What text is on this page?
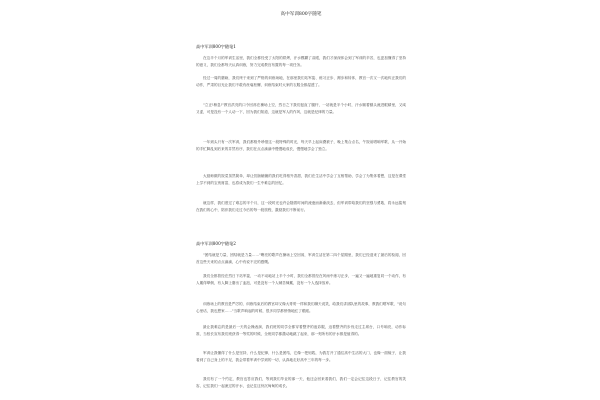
高中军训800字随笔
高中军训800字随笔1

在这半个月的军训生活里，我们全都经受了太阳的烘烤，汗水模糊了双眼，我们才深深体会到了军训的辛苦，也更加懂得了坚持的意义，我们全都每天认真训练，努力完成教官布置的每一项任务。

经过一周的磨砺，我们终于来到了严格的训练场地，在那里我们站军姿、练习正步、踢步和转体，教官一次又一次地纠正我们的动作，严肃的目光让我们不敢有丝毫松懈，训练结束时大家的衣服全都湿透了。

"立正!稍息!"教官洪亮的口令回荡在操场上空，烈日之下我们挺直了腰杆，一站就是半个小时，汗水顺着额头流进眼睛里，又咸又涩，可是没有一个人动一下，因为我们知道，这就是军人的作风，这就是纪律的力量。

一年到头只有一次军训，我们都格外珍惜这一段特殊的时光，每天早上起床叠被子，晚上集合点名，午饭前唱响军歌，从一开始的手忙脚乱到后来的井然有序，我们在点点滴滴中慢慢地成长，慢慢地学会了独立。

大厨师做的饭菜虽然简单，却让饥肠辘辘的我们吃得格外香甜，我们在生活中学会了互相帮助，学会了为集体着想，这是在课堂上学不到的宝贵财富，也将成为我们一生中难忘的回忆。

就这样，我们度过了难忘的半个月，这一段时光也许会随着时间的流逝而渐渐淡去，但军训带给我们的坚强与勇敢，将永远铭刻在我们的心中，陪伴我们走过今后的每一段旅程，激励我们不断前行。

高中军训800字随笔2

"团结就是力量，团结就是力量……"嘹亮的歌声在操场上空回荡，军训生活在第二四个星期里，我们已经迎来了最后的检阅，回首这些天来的点点滴滴，心中有说不完的感慨。

我们全都曾经在烈日下站军姿，一动不动地站上半个小时，我们全都曾经在风雨中练习正步，一遍又一遍地重复同一个动作，有人累得晕倒，有人脚上磨出了血泡，可是没有一个人喊苦喊累，没有一个人选择放弃。

训练场上的教官是严厉的，训练结束后的教官却又像大哥哥一样和我们聊天说笑，给我们讲部队里的故事，教我们唱军歌，"说句心里话，我也想家……"当歌声响起的时候，很多同学都悄悄地红了眼眶。

最让我难忘的是最后一天的会操表演，我们班的同学全都穿着整齐的迷彩服，迈着整齐的步伐走过主席台，口号响亮，动作标准，当校长宣布我们班获得一等奖的时候，全班同学都激动地跳了起来，那一刻所有的汗水都是值得的。

军训让我懂得了什么是坚持，什么是纪律，什么是团结，它像一把钥匙，为我打开了通往高中生活的大门，也像一面镜子，让我看到了自己身上的不足，我会带着军训中学到的一切，认真地走好高中三年的每一步。

我们有了一个约定，教官也答应我们，等到我们毕业的那一天，他还会回来看我们，我们一定会记住这段日子，记住教官的笑容，记住我们一起流过的汗水，也记住这份沉甸甸的成长。
